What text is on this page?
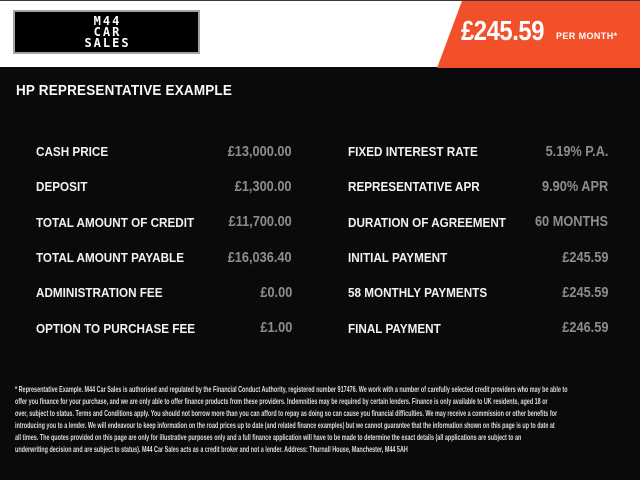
M44
CAR
SALES	£245.59 PER MONTH*
HP REPRESENTATIVE EXAMPLE
CASH PRICE	£13,000.00
DEPOSIT	£1,300.00
TOTAL AMOUNT OF CREDIT £11,700.00
TOTAL AMOUNT PAYABLE	£16,036.40
ADMINISTRATION FEE	£0.00
OPTION TO PURCHASE FEE	£1.00
FIXED INTEREST RATE	5.19% P.A.
REPRESENTATIVE APR	9.90% APR
DURATION OF AGREEMENT 60 MONTHS
INITIAL PAYMENT	£245.59
58 MONTHLY PAYMENTS	£245.59
FINAL PAYMENT	£246.59
* Representative Example. M44 Car Sales is authorised and regulated by the Financial Conduct Authority, registered number 917476. We work with a number of carefully selected credit providers who may be able to
offer you finance for your purchase, and we are only able to offer finance products from these providers. Indemnities may be required by certain lenders. Finance is only available to UK residents, aged 18 or
over, subject to status. Terms and Conditions apply. You should not borrow more than you can afford to repay as doing so can cause you financial difficulties. We may receive a commission or other benefits for
introducing you to a lender. We will endeavour to keep information on the road prices up to date (and related finance examples) but we cannot guarantee that the information shown on this page is up to date at
all times. The quotes provided on this page are only for illustrative purposes only and a full finance application will have to be made to determine the exact details (all applications are subject to an
underwriting decision and are subject to status). M44 Car Sales acts as a credit broker and not a lender. Address: Thurnall House, Manchester, M44 5AH
